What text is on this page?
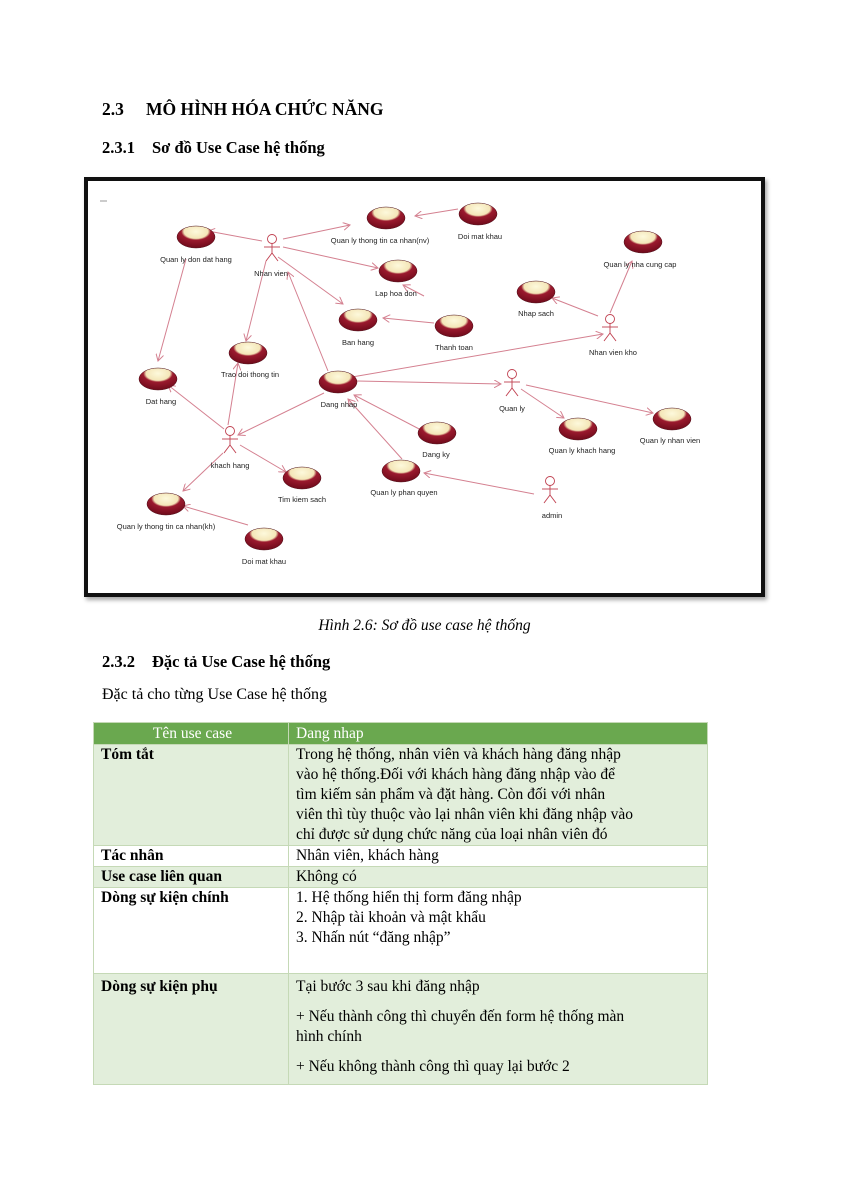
2.3 MÔ HÌNH HÓA CHỨC NĂNG
2.3.1 Sơ đồ Use Case hệ thống
Quan ly don dat hang
Quan ly thong tin ca nhan(nv)	Doi mat khau
Lap hoa don
Ban hang
Thanh toan
Trao doi thong tin
Dat hang	Dang nhap
Dang ky
Quan ly phan quyen
Tim kiem sach
Quan ly thong tin ca nhan(kh)
Doi mat khau
Nhap sach
Quan ly nha cung cap
Quan ly khach hang
Quan ly nhan vien
Nhan vien
Nhan vien kho
Quan ly
khach hang
admin
Hình 2.6: Sơ đồ use case hệ thống
2.3.2 Đặc tả Use Case hệ thống
Đặc tả cho từng Use Case hệ thống
Tên use case	Dang nhap
Tóm tắt	Trong hệ thống, nhân viên và khách hàng đăng nhập
vào hệ thống.Đối với khách hàng đăng nhập vào để
tìm kiếm sản phẩm và đặt hàng. Còn đối với nhân
viên thì tùy thuộc vào lại nhân viên khi đăng nhập vào
chỉ được sử dụng chức năng của loại nhân viên đó

Tác nhân	Nhân viên, khách hàng
Use case liên quan	Không có
Dòng sự kiện chính	1. Hệ thống hiển thị form đăng nhập
2. Nhập tài khoản và mật khẩu
3. Nhấn nút “đăng nhập”

Dòng sự kiện phụ	Tại bước 3 sau khi đăng nhập
+ Nếu thành công thì chuyển đến form hệ thống màn
hình chính
+ Nếu không thành công thì quay lại bước 2
